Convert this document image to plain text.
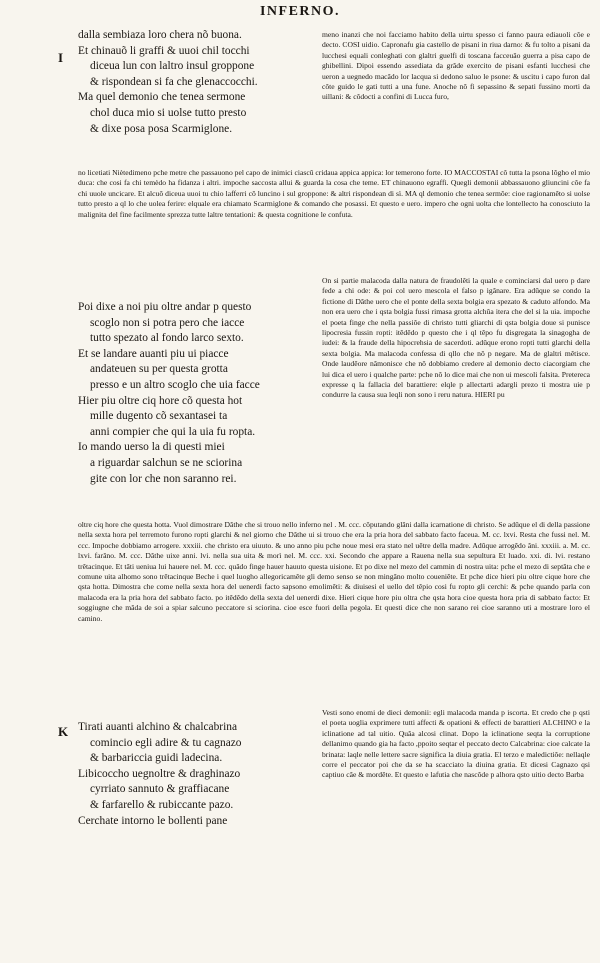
INFERNO.
I
K
dalla sembiaza loro chera nõ buona.
Et chinauõ li graffi & uuoi chil tocchi
diceua lun con laltro insul groppone
& rispondean si fa che glenaccocchi.
Ma quel demonio che tenea sermone
chol duca mio si uolse tutto presto
& dixe posa posa Scarmiglone.

meno inanzi che noi facciamo habito della uirtu spesso ci fanno paura ediauoli cõe e decto. COSI uidio. Capronafu gia castello de pisani in riua darno: & fu tolto a pisani da lucchesi equali conleghati con glaltri guelfi di toscana facceuão guerra a pisa capo de ghibellini. Dipoi essendo assediata da grãde exercito de pisani esfanti lucchesi che ueron a uegnedo macãdo lor lacqua si dedono saluo le psone: & uscitu i capo furon dal cõte guido le gati tutti a una fune. Anoche nõ fi sepassino & sepati fussino morti da uillani: & cõdocti a confini di Lucca furo,

no licetiati Niètedimeno pche metre che passauono pel capo de inimici ciascũ cridaua appica appica: lor temerono forte. IO MACCOSTAI cõ tutta la psona lõgho el mio duca: che cosi fa chi temèdo ha fidanza i altri. impoche saccosta allui & guarda la cosa che teme. ET chinauono egraffi. Quegli demonii abbassauono gliuncini cõe fa chi uuole uncicare. Et alcuõ diceua uuoi tu chio lafferri cõ luncino i sul groppone: & altri rispondean di sì. MA ql demonio che tenea sermõe: cioe ragionamẽto si uolse tutto presto a ql lo che uolea ferire: elquale era chiamato Scarmiglone & comando che posassi. Et questo e uero. impero che ogni uolta che lontellecto ha conosciuto la malignita del fine facilmente sprezza tutte laltre tentationi: & questa cognitione le confuta.

Poi dixe a noi piu oltre andar p questo
scoglo non si potra pero che iacce
tutto spezato al fondo larco sexto.
Et se landare auanti piu ui piacce
andateuen su per questa grotta
presso e un altro scoglo che uia facce
Hier piu oltre ciq hore cõ questa hot
mille dugento cõ sexantasei ta
anni compier che qui la uia fu ropta.
Io mando uerso la di questi miei
a riguardar salchun se ne sciorina
gite con lor che non saranno rei.

On si partie malacoda dalla natura de fraudolẽti la quale e cominciarsi dal uero p dare fede a chi ode: & poi col uero mescola el falso p igãnare. Era adũque se condo la fictione di Dãthe uero che el ponte della sexta bolgia era spezato & caduto alfondo. Ma non era uero che i qsta bolgia fussi rimasa grotta alchũa itera che del si la uia. impoche el poeta finge che nella passiõe di christo tutti gliarchi di qsta bolgia doue si punisce lipocresia fussin ropti: itẽdẽdo p questo che i ql tẽpo fu disgregata la sinagogha de iudei: & la fraude della hipocrehsia de sacerdoti. adũque erono ropti tutti glarchi della sexta bolgia. Ma malacoda confessa di qllo che nõ p negare. Ma de glaltri mẽtisce. Onde laudẽore nãmonisce che nõ dobbiamo credere al demonio decto ciacorgiam che lui dica el uero i qualche parte: pche nõ lo dice mai che non ui mescoli falsita. Pretereca expresse q la fallacia del barattiere: elqle p allectarti adargli prezo ti mostra uie p condurre la causa sua leqli non sono i reru natura. HIERI pu

oltre ciq hore che questa hotta. Vuol dimostrare Dãthe che si trouo nello inferno nel . M. ccc. cõputando glãni dalla icarnatione di christo. Se adũque el di della passione nella sexta hora pel terremoto furono ropti glarchi & nel giorno che Dãthe ui si trouo che era la pria hora del sabbato facto faceua. M. cc. lxvi. Resta che fussi nel. M. ccc. Impoche dobbiamo arrogere. xxxiii. che christo era uiuuto. & uno anno piu pche noue mesi era stato nel uẽtre della madre. Adũque arrogẽdo ãni. xxxiii. a. M. cc. lxvi. farãno. M. ccc. Dãthe uixe anni. lvi. nella sua uita & morì nel. M. ccc. xxi. Secondo che appare a Rauena nella sua sepultura Et luado. xxi. di. lvi. restano trẽtacinque. Et tãti ueniua lui hauere nel. M. ccc. quãdo finge hauer hauuto questa uisione. Et po dixe nel mezo del cammin di nostra uita: pche el mezo di septãta che e comune uita alhomo sono trẽtacinque Beche i quel luogho allegoricamẽte gli demo senso se non mingãno molto coueniẽte. Et pche dice hieri piu oltre cique hore che qsta hotta. Dimostra che come nella sexta hora del uenerdi facto sapsono emolimẽti: & diuisesi el uello del tẽpio cosi fu ropto gli cerchi: & pche quando parla con malacoda era la pria hora del sabbato facto. po itẽdẽdo della sexta del uenerdi dixe. Hieri cique hore piu oltra che qsta hora cioe questa hora pria di sabbato facto: Et soggiugne che mãda de soi a spiar salcuno peccatore si sciorina. cioe esce fuori della pegola. Et questi dice che non sarano rei cioe saranno uti a mostrare loro el camino.

Tirati auanti alchino & chalcabrina
comincio egli adire & tu cagnazo
& barbariccia guidi ladecina.
Libicoccho uegnoltre & draghinazo
cyrriato sannuto & graffiacane
& farfarello & rubiccante pazo.
Cerchate intorno le bollenti pane

Vesti sono enomi de dieci demonii: egli malacoda manda p iscorta. Et credo che p qsti el poeta uoglia exprimere tutti affecti & opationi & effecti de barattieri ALCHINO e la iclinatione ad tal uitio. Quãa alcosi clinat. Dopo la iclinatione seqta la corruptione dellanimo quando gia ha facto ,ppoito seqtar el peccato decto Calcabrina: cioe calcate la brinata: laqle nelle lettere sacre significa la diuia gratia. El terzo e maledictiõe: nellaqle corre el peccator poi che da se ha scacciato la diuina gratia. Et dicesi Cagnazo qsi captiuo cãe & mordẽte. Et questo e lafutia che nascõde p alhora qsto uitio decto Barba
